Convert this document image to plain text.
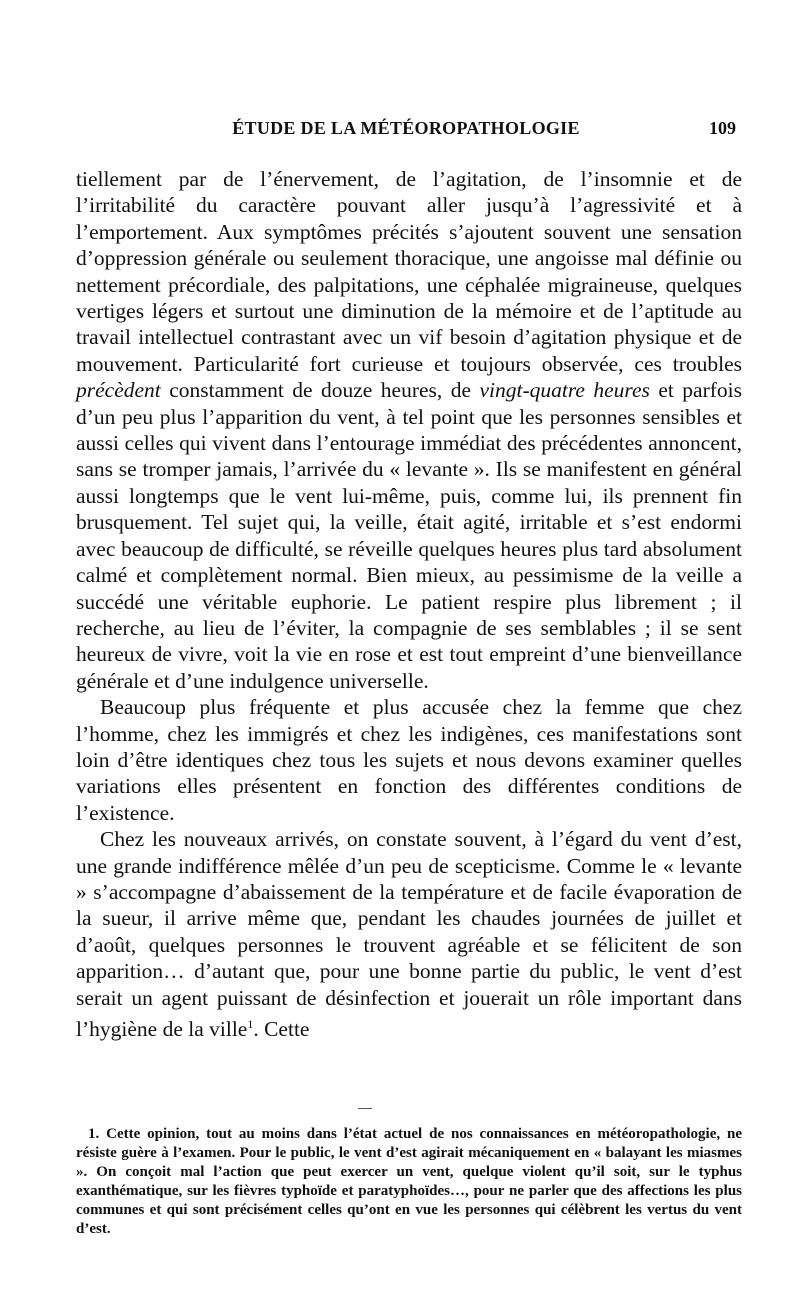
ÉTUDE DE LA MÉTÉOROPATHOLOGIE	109

tiellement par de l’énervement, de l’agitation, de l’insomnie et de l’irritabilité du caractère pouvant aller jusqu’à l’agressivité et à l’emportement. Aux symptômes précités s’ajoutent souvent une sensation d’oppression générale ou seulement thoracique, une angoisse mal définie ou nettement précordiale, des palpitations, une céphalée migraineuse, quelques vertiges légers et surtout une diminution de la mémoire et de l’aptitude au travail intellectuel contrastant avec un vif besoin d’agitation physique et de mouvement. Particularité fort curieuse et toujours observée, ces troubles précèdent constamment de douze heures, de vingt-quatre heures et parfois d’un peu plus l’apparition du vent, à tel point que les personnes sensibles et aussi celles qui vivent dans l’entourage immédiat des précédentes annoncent, sans se tromper jamais, l’arrivée du « levante ». Ils se manifestent en général aussi longtemps que le vent lui-même, puis, comme lui, ils prennent fin brusquement. Tel sujet qui, la veille, était agité, irritable et s’est endormi avec beaucoup de difficulté, se réveille quelques heures plus tard absolument calmé et complètement normal. Bien mieux, au pessimisme de la veille a succédé une véritable euphorie. Le patient respire plus librement ; il recherche, au lieu de l’éviter, la compagnie de ses semblables ; il se sent heureux de vivre, voit la vie en rose et est tout empreint d’une bienveillance générale et d’une indulgence universelle.

Beaucoup plus fréquente et plus accusée chez la femme que chez l’homme, chez les immigrés et chez les indigènes, ces manifestations sont loin d’être identiques chez tous les sujets et nous devons examiner quelles variations elles présentent en fonction des différentes conditions de l’existence.

Chez les nouveaux arrivés, on constate souvent, à l’égard du vent d’est, une grande indifférence mêlée d’un peu de scepticisme. Comme le « levante » s’accompagne d’abaissement de la température et de facile évaporation de la sueur, il arrive même que, pendant les chaudes journées de juillet et d’août, quelques personnes le trouvent agréable et se félicitent de son apparition… d’autant que, pour une bonne partie du public, le vent d’est serait un agent puissant de désinfection et jouerait un rôle important dans l’hygiène de la ville$^1$. Cette

1. Cette opinion, tout au moins dans l’état actuel de nos connaissances en météoropathologie, ne résiste guère à l’examen. Pour le public, le vent d’est agirait mécaniquement en « balayant les miasmes ». On conçoit mal l’action que peut exercer un vent, quelque violent qu’il soit, sur le typhus exanthématique, sur les fièvres typhoïde et paratyphoïdes…, pour ne parler que des affections les plus communes et qui sont précisément celles qu’ont en vue les personnes qui célèbrent les vertus du vent d’est.
